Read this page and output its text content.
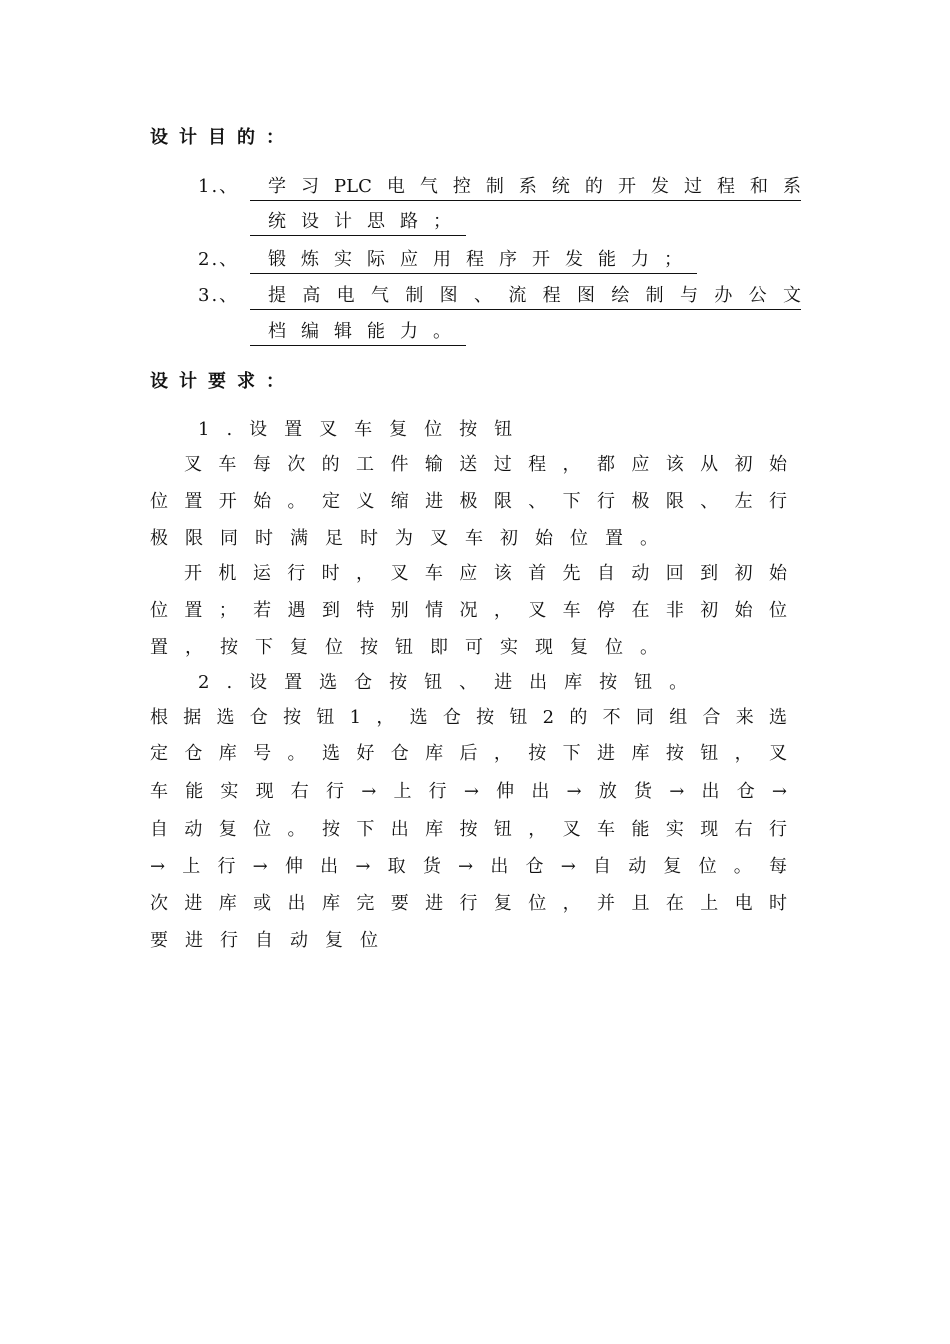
设计目的：
1.、	学习PLC电气控制系统的开发过程和系
统设计思路；
2.、	锻炼实际应用程序开发能力；
3.、	提高电气制图、流程图绘制与办公文
档编辑能力。
设计要求：
1.设置叉车复位按钮
叉车每次的工件输送过程，都应该从初始
位置开始。定义缩进极限、下行极限、左行
极限同时满足时为叉车初始位置。
开机运行时，叉车应该首先自动回到初始
位置；若遇到特别情况，叉车停在非初始位
置，按下复位按钮即可实现复位。
2.设置选仓按钮、进出库按钮。
根据选仓按钮1，选仓按钮2的不同组合来选
定仓库号。选好仓库后，按下进库按钮，叉
车能实现右行→上行→伸出→放货→出仓→
自动复位。按下出库按钮，叉车能实现右行
→上行→伸出→取货→出仓→自动复位。每
次进库或出库完要进行复位，并且在上电时
要进行自动复位
